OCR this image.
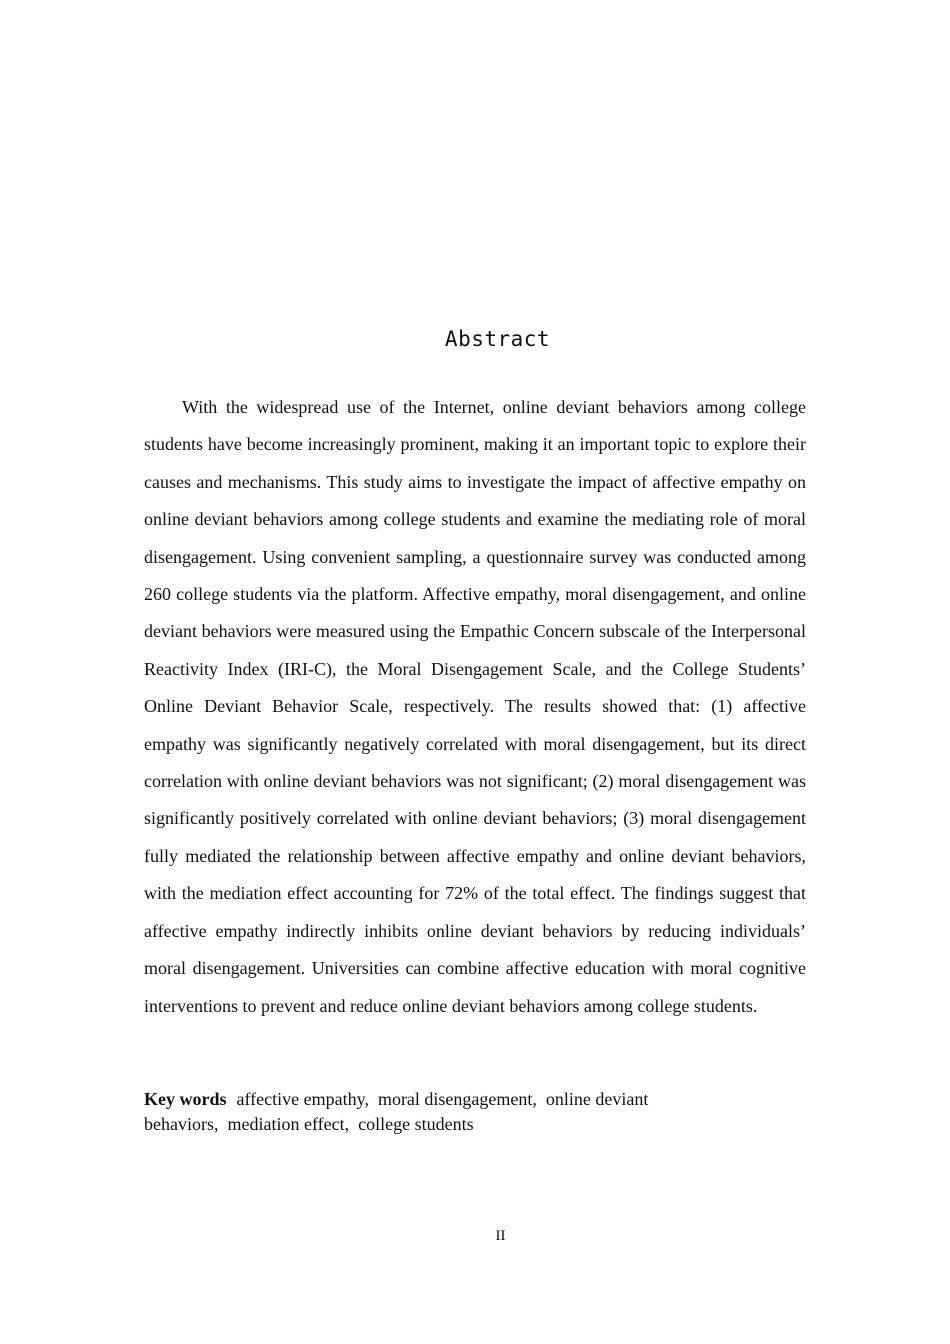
Abstract

With the widespread use of the Internet, online deviant behaviors among college students have become increasingly prominent, making it an important topic to explore their causes and mechanisms. This study aims to investigate the impact of affective empathy on online deviant behaviors among college students and examine the mediating role of moral disengagement. Using convenient sampling, a questionnaire survey was conducted among 260 college students via the platform. Affective empathy, moral disengagement, and online deviant behaviors were measured using the Empathic Concern subscale of the Interpersonal Reactivity Index (IRI-C), the Moral Disengagement Scale, and the College Students’ Online Deviant Behavior Scale, respectively. The results showed that: (1) affective empathy was significantly negatively correlated with moral disengagement, but its direct correlation with online deviant behaviors was not significant; (2) moral disengagement was significantly positively correlated with online deviant behaviors; (3) moral disengagement fully mediated the relationship between affective empathy and online deviant behaviors, with the mediation effect accounting for 72% of the total effect. The findings suggest that affective empathy indirectly inhibits online deviant behaviors by reducing individuals’ moral disengagement. Universities can combine affective education with moral cognitive interventions to prevent and reduce online deviant behaviors among college students.

Key words affective empathy,  moral disengagement,  online deviant behaviors,  mediation effect,  college students

II
